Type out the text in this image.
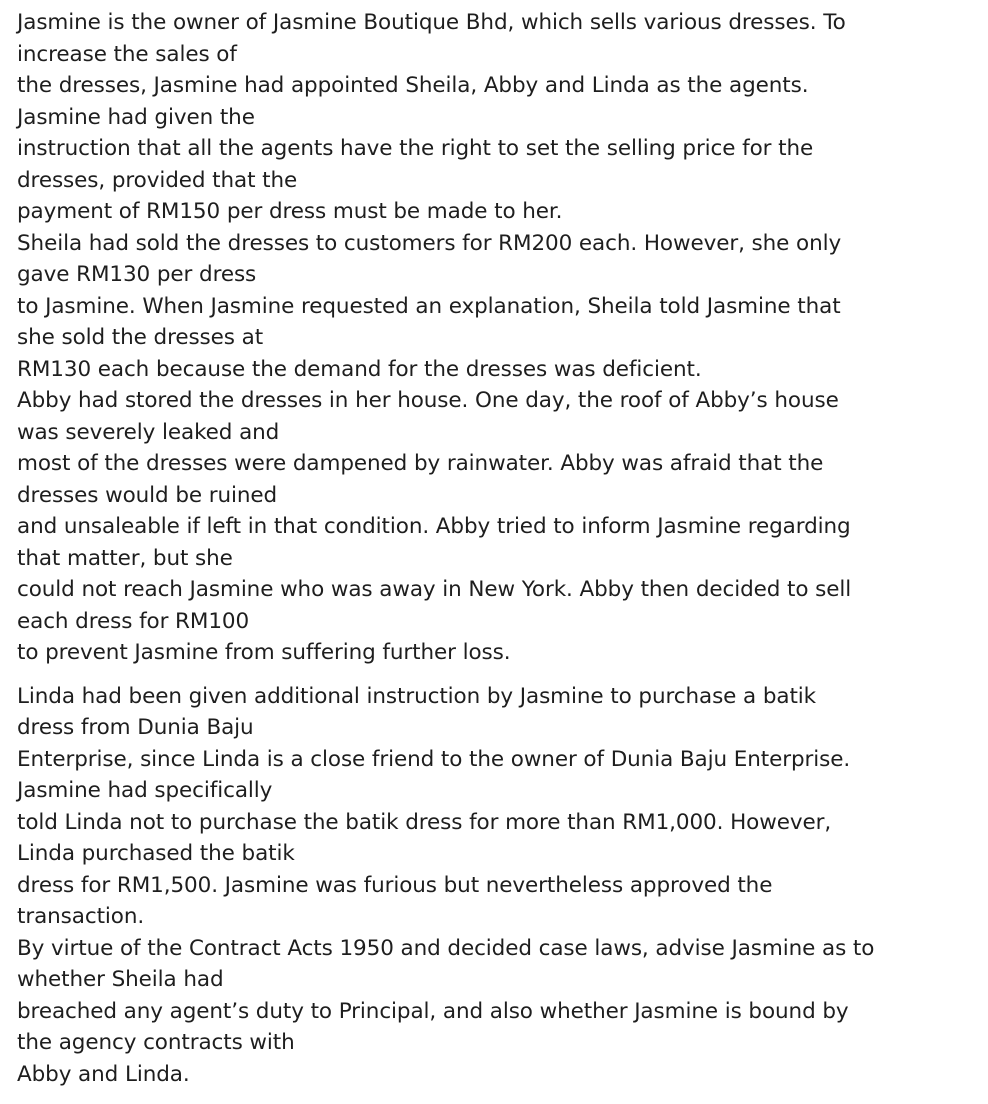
Jasmine is the owner of Jasmine Boutique Bhd, which sells various dresses. To
increase the sales of
the dresses, Jasmine had appointed Sheila, Abby and Linda as the agents.
Jasmine had given the
instruction that all the agents have the right to set the selling price for the
dresses, provided that the
payment of RM150 per dress must be made to her.
Sheila had sold the dresses to customers for RM200 each. However, she only
gave RM130 per dress
to Jasmine. When Jasmine requested an explanation, Sheila told Jasmine that
she sold the dresses at
RM130 each because the demand for the dresses was deficient.
Abby had stored the dresses in her house. One day, the roof of Abby’s house
was severely leaked and
most of the dresses were dampened by rainwater. Abby was afraid that the
dresses would be ruined
and unsaleable if left in that condition. Abby tried to inform Jasmine regarding
that matter, but she
could not reach Jasmine who was away in New York. Abby then decided to sell
each dress for RM100
to prevent Jasmine from suffering further loss.
Linda had been given additional instruction by Jasmine to purchase a batik
dress from Dunia Baju
Enterprise, since Linda is a close friend to the owner of Dunia Baju Enterprise.
Jasmine had specifically
told Linda not to purchase the batik dress for more than RM1,000. However,
Linda purchased the batik
dress for RM1,500. Jasmine was furious but nevertheless approved the
transaction.
By virtue of the Contract Acts 1950 and decided case laws, advise Jasmine as to
whether Sheila had
breached any agent’s duty to Principal, and also whether Jasmine is bound by
the agency contracts with
Abby and Linda.
